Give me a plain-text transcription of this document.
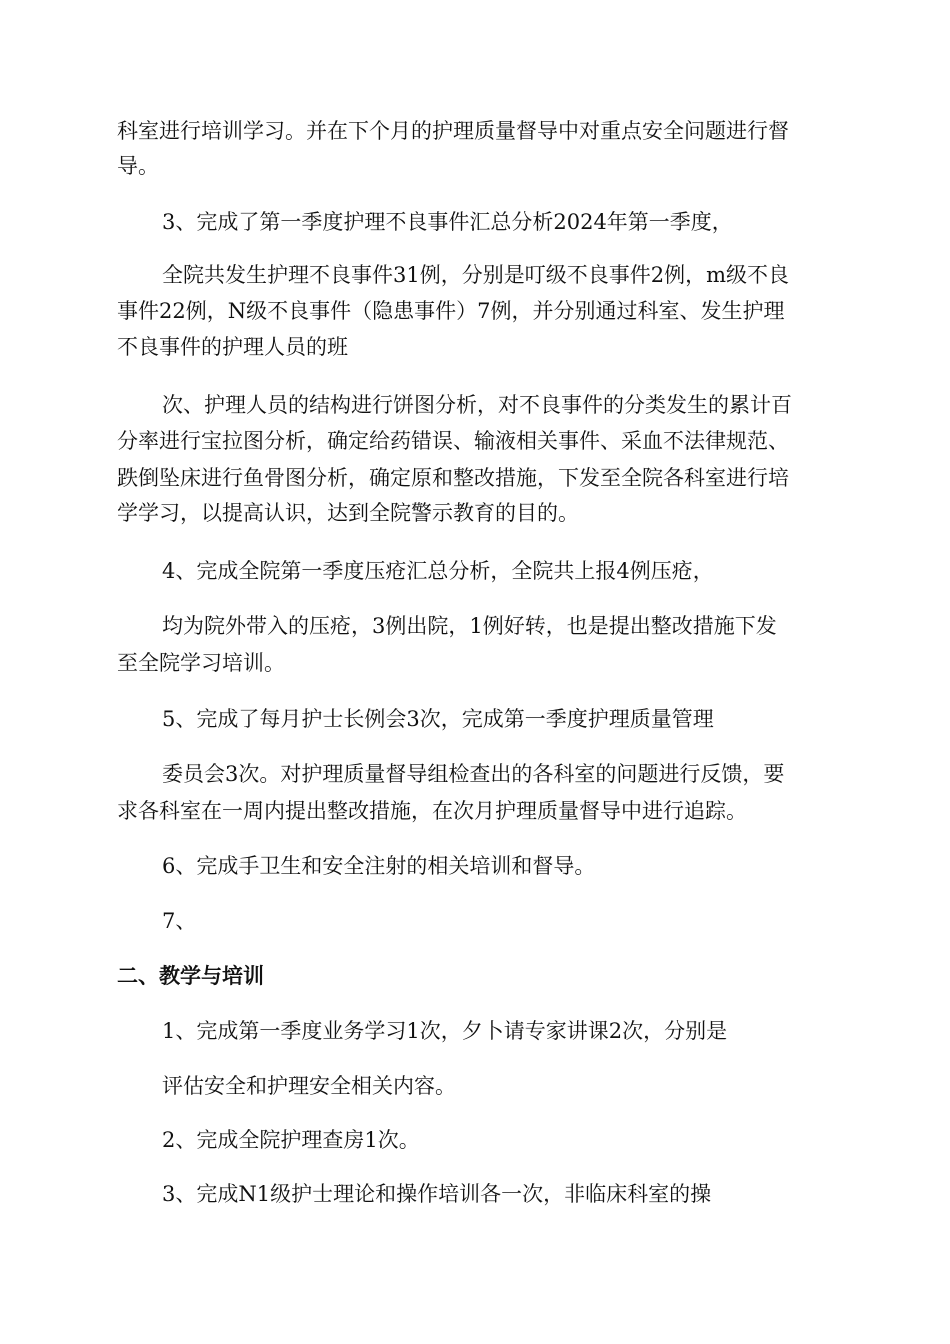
科室进行培训学习。并在下个月的护理质量督导中对重点安全问题进行督
导。
3、完成了第一季度护理不良事件汇总分析2024年第一季度，
全院共发生护理不良事件31例，分别是叮级不良事件2例，m级不良
事件22例，N级不良事件（隐患事件）7例，并分别通过科室、发生护理
不良事件的护理人员的班
次、护理人员的结构进行饼图分析，对不良事件的分类发生的累计百
分率进行宝拉图分析，确定给药错误、输液相关事件、采血不法律规范、
跌倒坠床进行鱼骨图分析，确定原和整改措施，下发至全院各科室进行培
学学习，以提高认识，达到全院警示教育的目的。
4、完成全院第一季度压疮汇总分析，全院共上报4例压疮，
均为院外带入的压疮，3例出院，1例好转，也是提出整改措施下发
至全院学习培训。
5、完成了每月护士长例会3次，完成第一季度护理质量管理
委员会3次。对护理质量督导组检查出的各科室的问题进行反馈，要
求各科室在一周内提出整改措施，在次月护理质量督导中进行追踪。
6、完成手卫生和安全注射的相关培训和督导。
7、
二、教学与培训
1、完成第一季度业务学习1次，夕卜请专家讲课2次，分别是
评估安全和护理安全相关内容。
2、完成全院护理查房1次。
3、完成N1级护士理论和操作培训各一次，非临床科室的操
